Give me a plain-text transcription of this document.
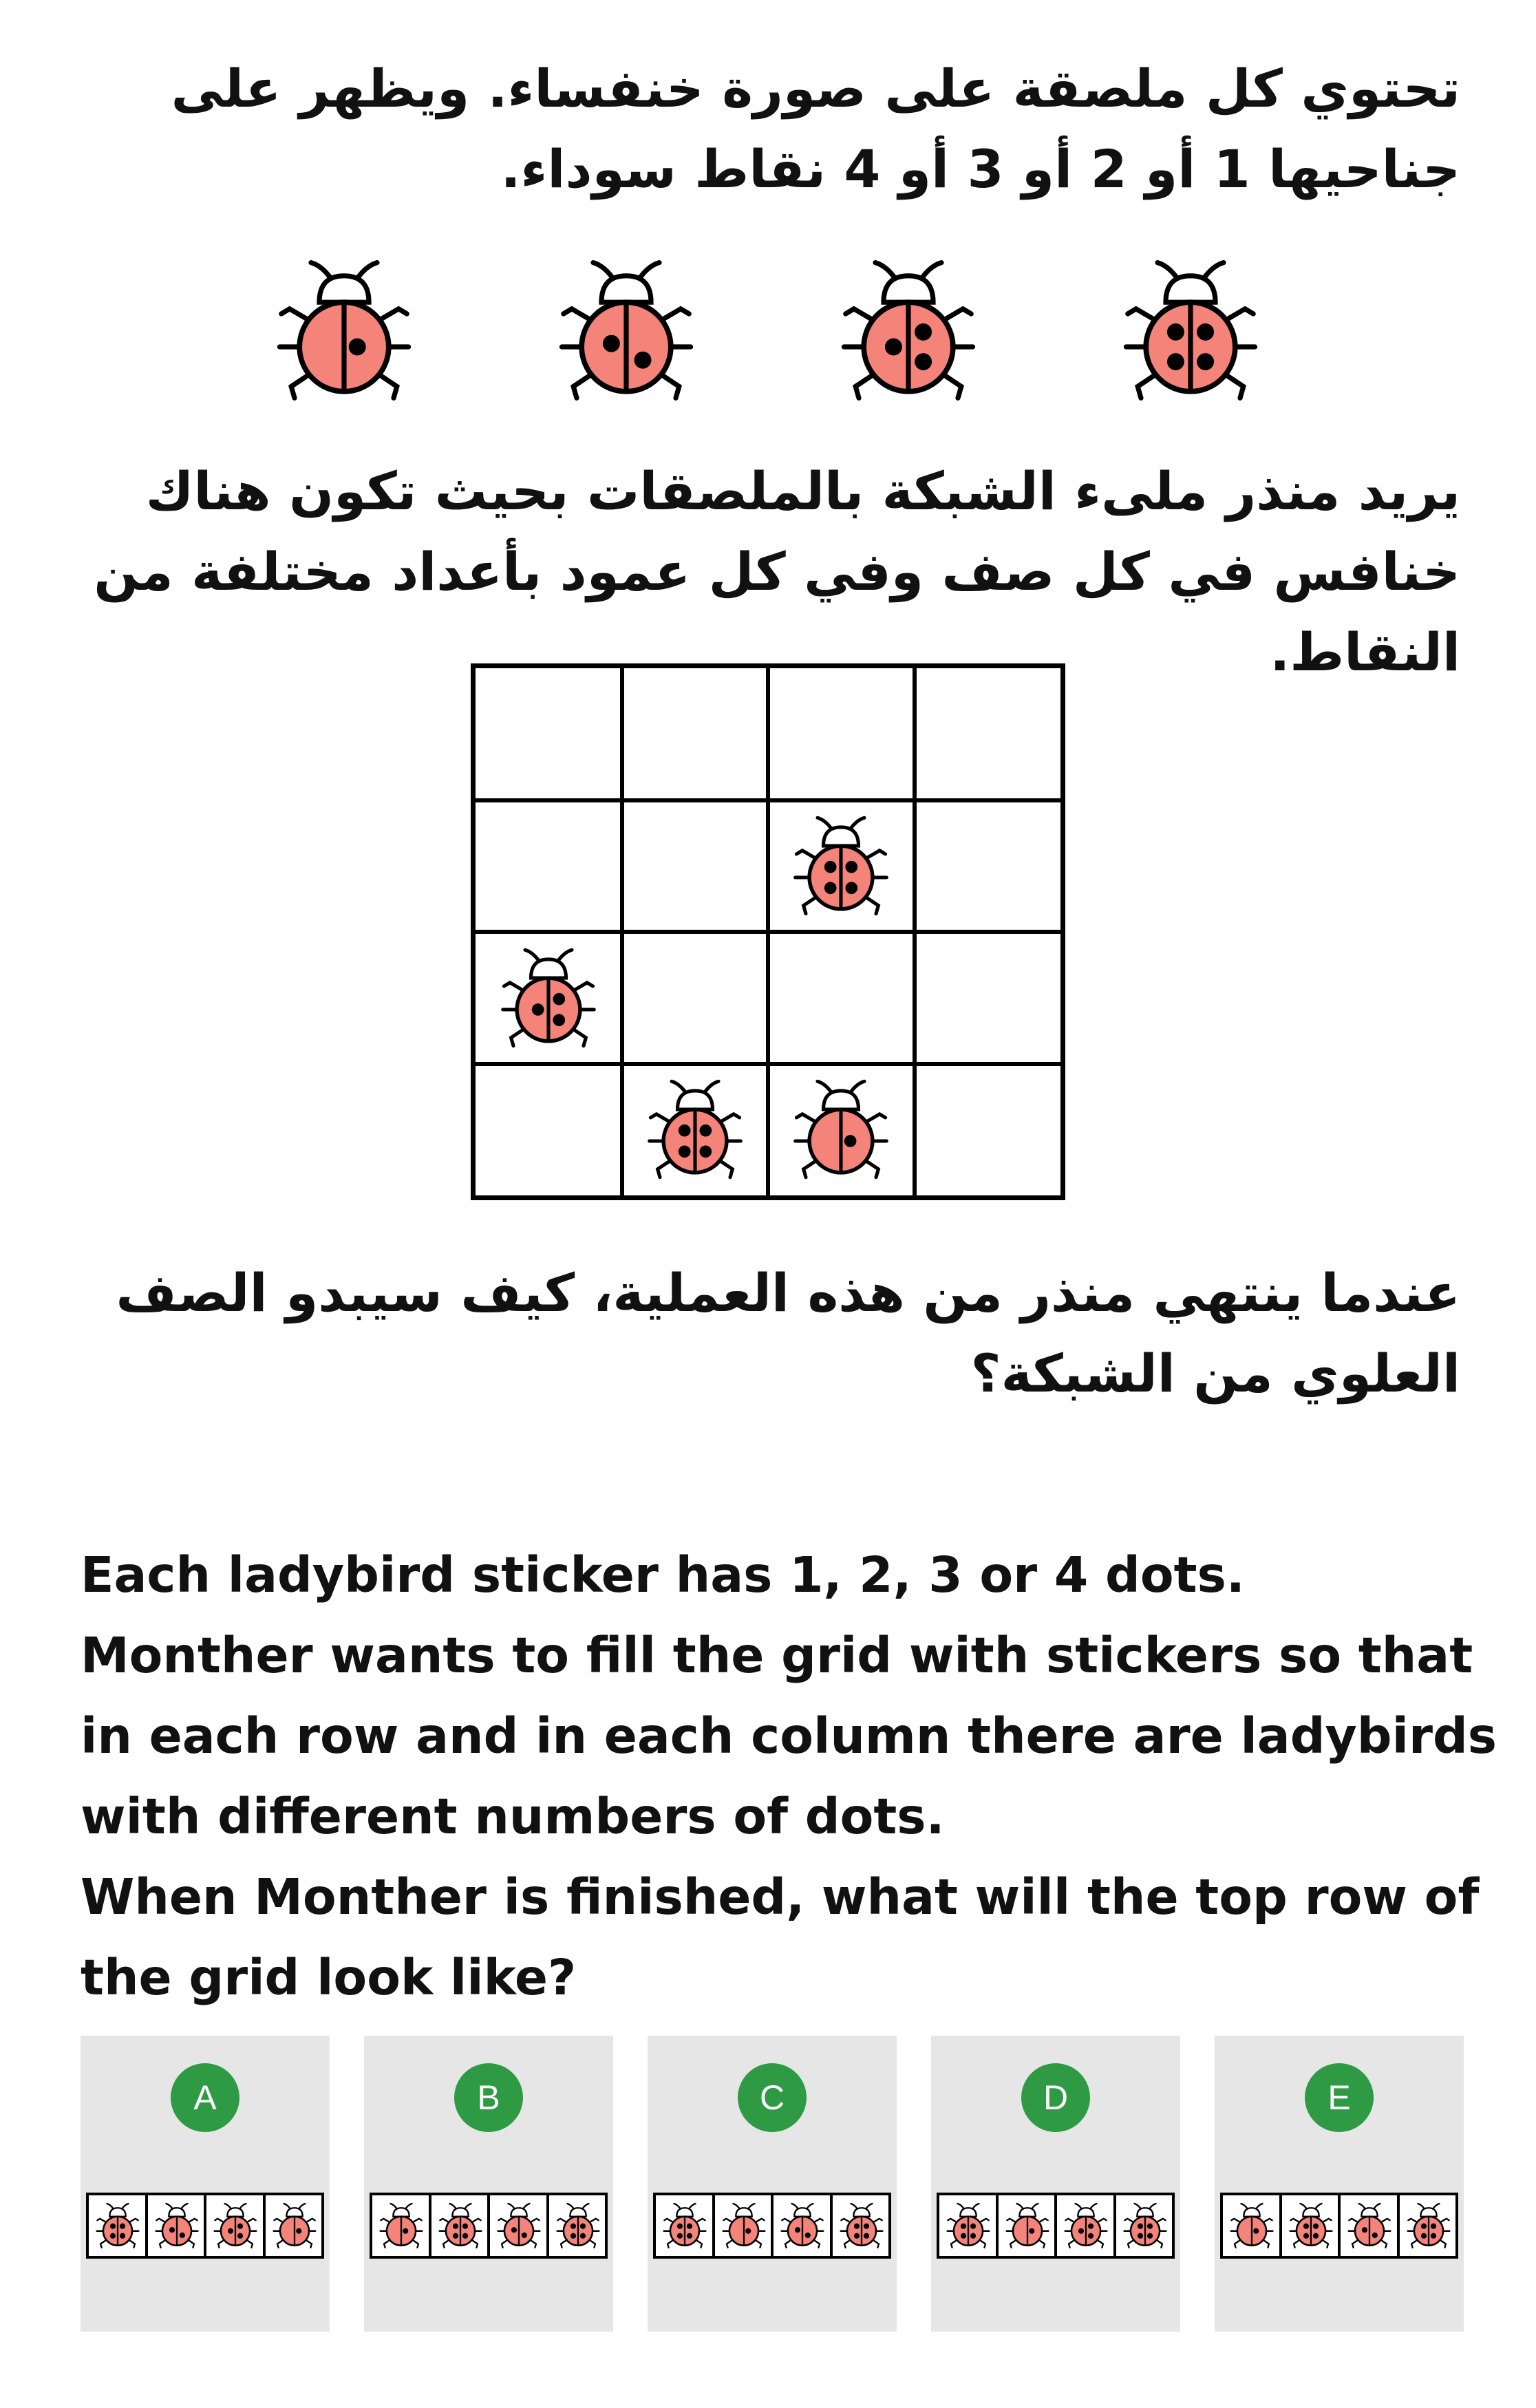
تحتوي كل ملصقة على صورة خنفساء. ويظهر على جناحيها 1 أو 2 أو 3 أو 4 نقاط سوداء.

يريد منذر ملىء الشبكة بالملصقات بحيث تكون هناك خنافس في كل صف وفي كل عمود بأعداد مختلفة من النقاط.

عندما ينتهي منذر من هذه العملية، كيف سيبدو الصف العلوي من الشبكة؟

Each ladybird sticker has 1, 2, 3 or 4 dots.

Monther wants to fill the grid with stickers so that

in each row and in each column there are ladybirds

with different numbers of dots.

When Monther is finished, what will the top row of

the grid look like?

A	B	C	D	E
